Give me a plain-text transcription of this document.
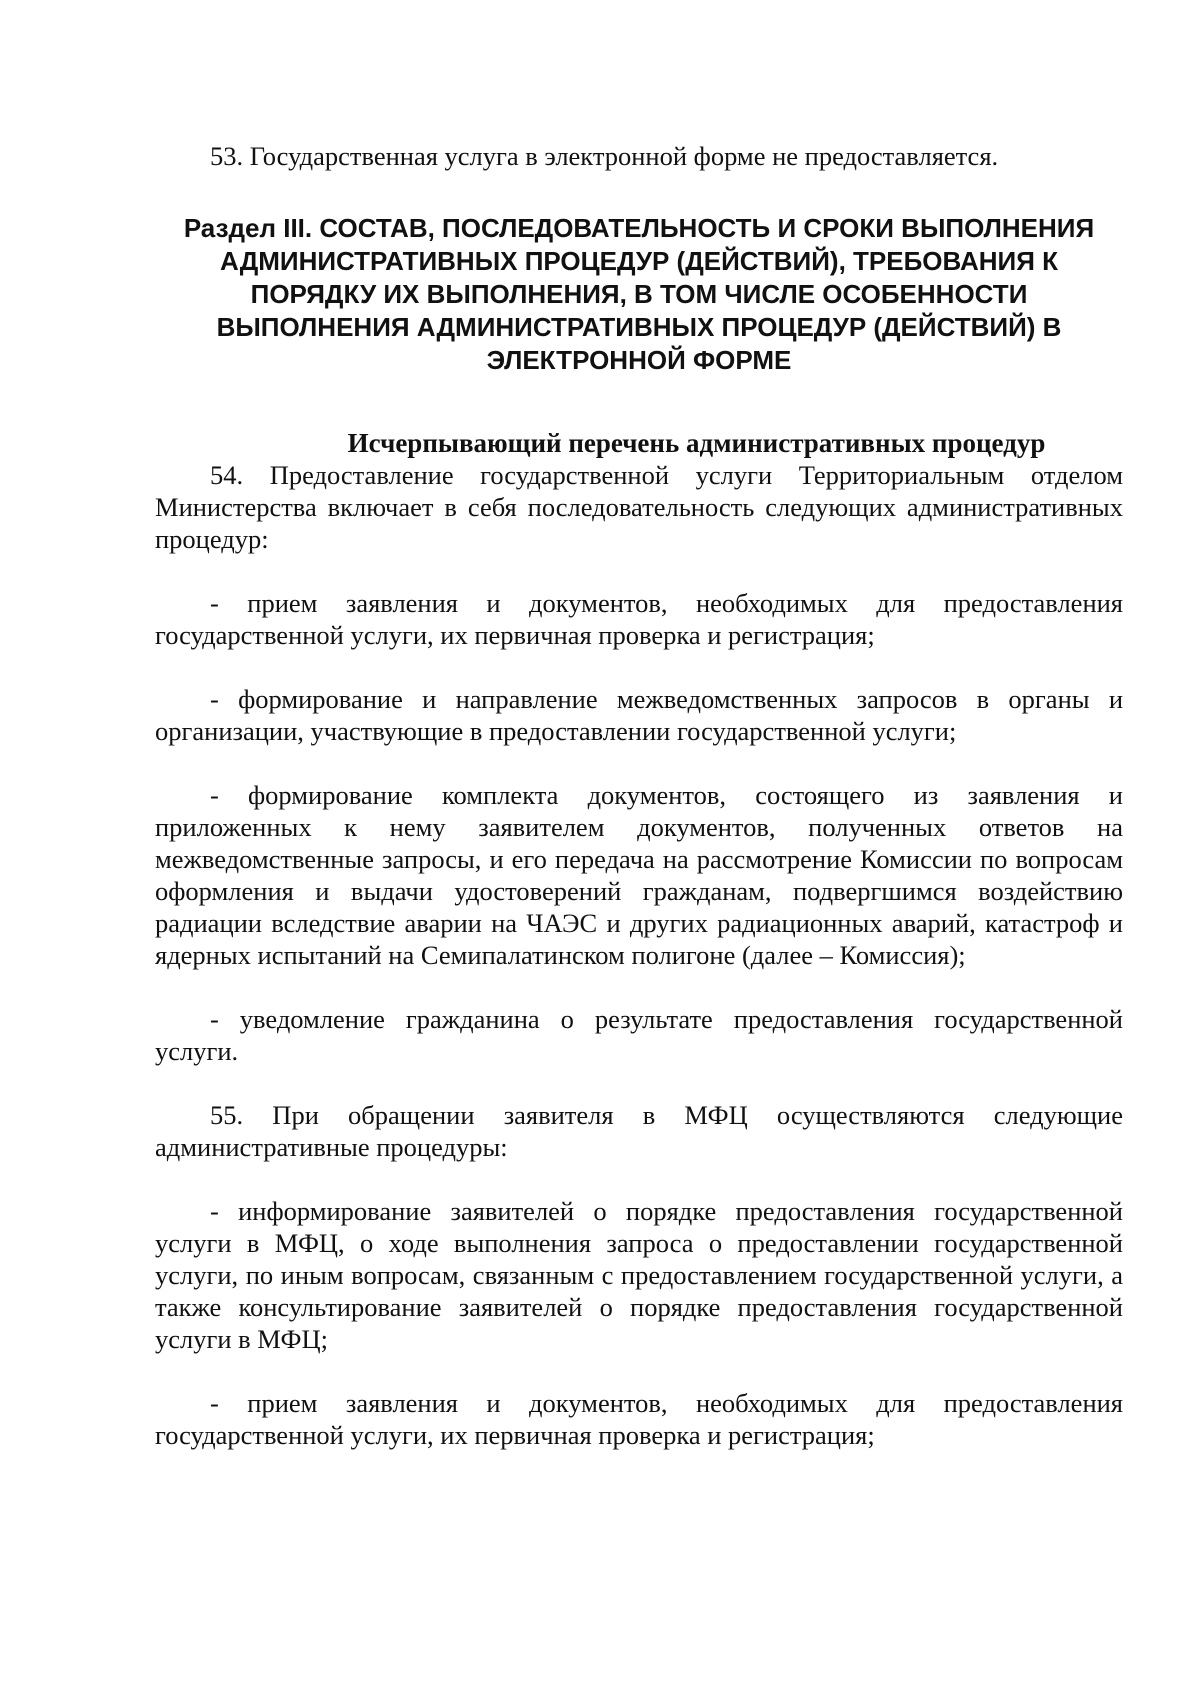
53. Государственная услуга в электронной форме не предоставляется.

Раздел III. СОСТАВ, ПОСЛЕДОВАТЕЛЬНОСТЬ И СРОКИ ВЫПОЛНЕНИЯ АДМИНИСТРАТИВНЫХ ПРОЦЕДУР (ДЕЙСТВИЙ), ТРЕБОВАНИЯ К ПОРЯДКУ ИХ ВЫПОЛНЕНИЯ, В ТОМ ЧИСЛЕ ОСОБЕННОСТИ ВЫПОЛНЕНИЯ АДМИНИСТРАТИВНЫХ ПРОЦЕДУР (ДЕЙСТВИЙ) В ЭЛЕКТРОННОЙ ФОРМЕ
Исчерпывающий перечень административных процедур

54. Предоставление государственной услуги Территориальным отделом Министерства включает в себя последовательность следующих административных процедур:

- прием заявления и документов, необходимых для предоставления государственной услуги, их первичная проверка и регистрация;

- формирование и направление межведомственных запросов в органы и организации, участвующие в предоставлении государственной услуги;

- формирование комплекта документов, состоящего из заявления и приложенных к нему заявителем документов, полученных ответов на межведомственные запросы, и его передача на рассмотрение Комиссии по вопросам оформления и выдачи удостоверений гражданам, подвергшимся воздействию радиации вследствие аварии на ЧАЭС и других радиационных аварий, катастроф и ядерных испытаний на Семипалатинском полигоне (далее – Комиссия);

- уведомление гражданина о результате предоставления государственной услуги.

55. При обращении заявителя в МФЦ осуществляются следующие административные процедуры:

- информирование заявителей о порядке предоставления государственной услуги в МФЦ, о ходе выполнения запроса о предоставлении государственной услуги, по иным вопросам, связанным с предоставлением государственной услуги, а также консультирование заявителей о порядке предоставления государственной услуги в МФЦ;

- прием заявления и документов, необходимых для предоставления государственной услуги, их первичная проверка и регистрация;
